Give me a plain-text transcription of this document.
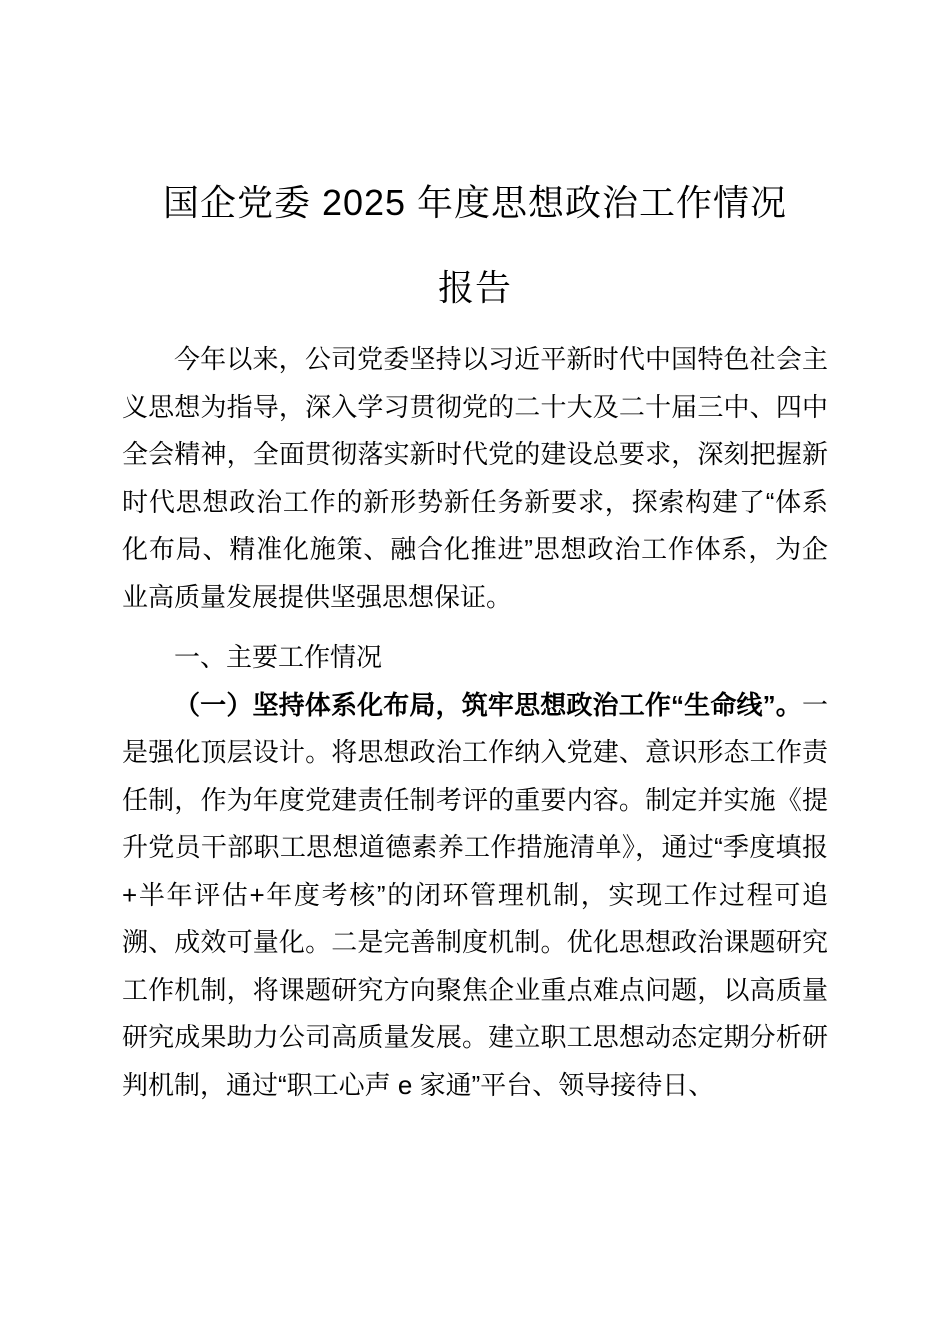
国企党委 2025 年度思想政治工作情况
报告

今年以来，公司党委坚持以习近平新时代中国特色社会主义思想为指导，深入学习贯彻党的二十大及二十届三中、四中全会精神，全面贯彻落实新时代党的建设总要求，深刻把握新时代思想政治工作的新形势新任务新要求，探索构建了“体系化布局、精准化施策、融合化推进”思想政治工作体系，为企业高质量发展提供坚强思想保证。

一、主要工作情况

（一）坚持体系化布局，筑牢思想政治工作“生命线”。一是强化顶层设计。将思想政治工作纳入党建、意识形态工作责任制，作为年度党建责任制考评的重要内容。制定并实施《提升党员干部职工思想道德素养工作措施清单》，通过“季度填报+半年评估+年度考核”的闭环管理机制，实现工作过程可追溯、成效可量化。二是完善制度机制。优化思想政治课题研究工作机制，将课题研究方向聚焦企业重点难点问题，以高质量研究成果助力公司高质量发展。建立职工思想动态定期分析研判机制，通过“职工心声 e 家通”平台、领导接待日、
